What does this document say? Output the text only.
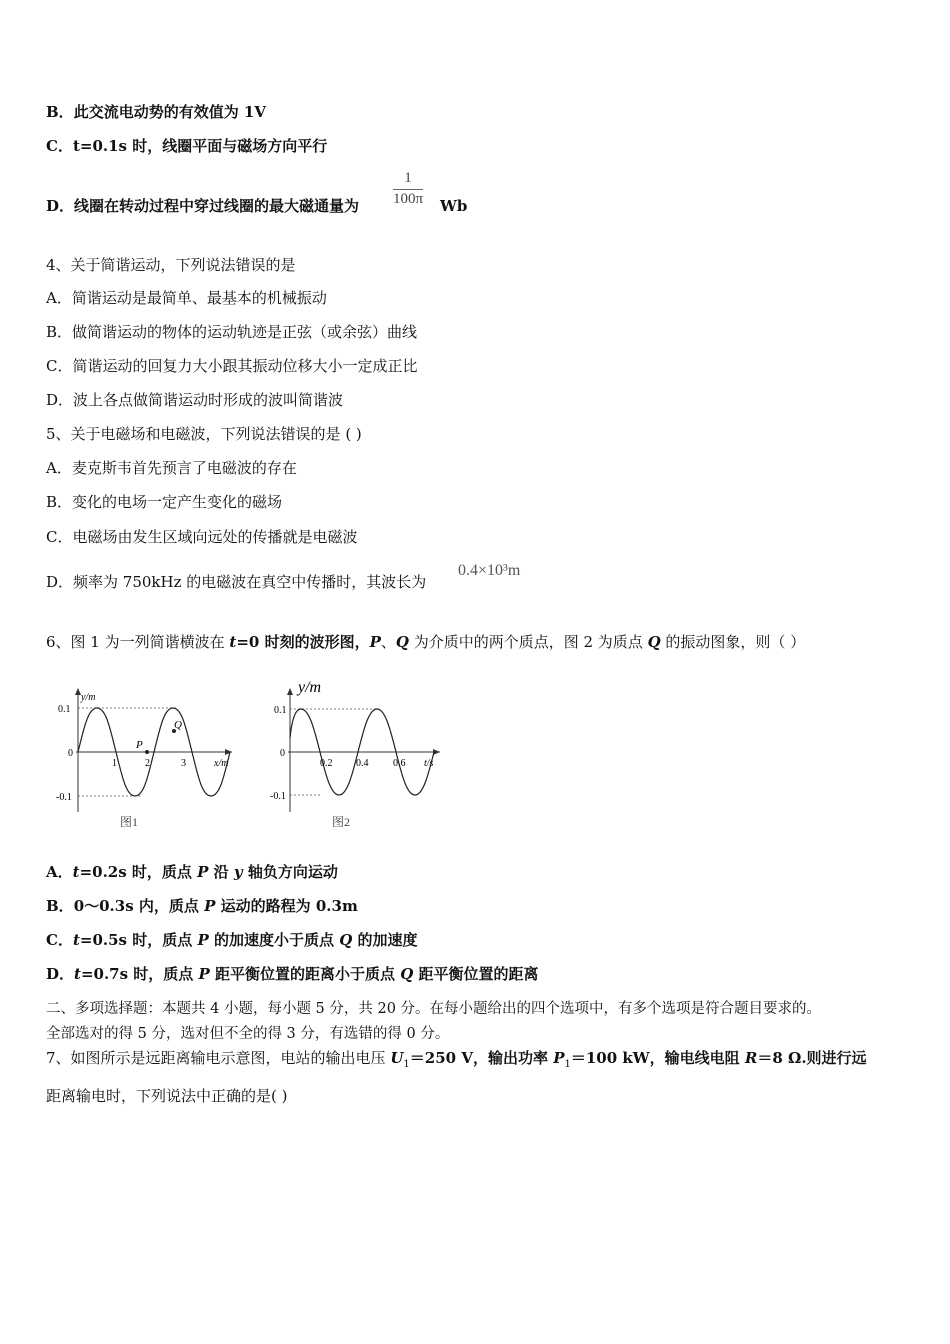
B．此交流电动势的有效值为 1V
C．t=0.1s 时，线圈平面与磁场方向平行
D．线圈在转动过程中穿过线圈的最大磁通量为 $\frac{1}{100\pi}$ Wb
4、关于简谐运动，下列说法错误的是
A．简谐运动是最简单、最基本的机械振动
B．做简谐运动的物体的运动轨迹是正弦（或余弦）曲线
C．简谐运动的回复力大小跟其振动位移大小一定成正比
D．波上各点做简谐运动时形成的波叫简谐波
5、关于电磁场和电磁波，下列说法错误的是 ( )
A．麦克斯韦首先预言了电磁波的存在
B．变化的电场一定产生变化的磁场
C．电磁场由发生区域向远处的传播就是电磁波
D．频率为 750kHz 的电磁波在真空中传播时，其波长为
0.4×10³m
6、图 1 为一列简谐横波在 t=0 时刻的波形图，P、Q 为介质中的两个质点，图 2 为质点 Q 的振动图象，则（ ）
y/m
0.1
0
-0.1
1	2	3	x/m
P
Q
图1
y/m
0.1
0
-0.1
0.2 0.4 0.6 t/s
图2
A．t=0.2s 时，质点 P 沿 y 轴负方向运动
B．0～0.3s 内，质点 P 运动的路程为 0.3m
C．t=0.5s 时，质点 P 的加速度小于质点 Q 的加速度
D．t=0.7s 时，质点 P 距平衡位置的距离小于质点 Q 距平衡位置的距离
二、多项选择题：本题共 4 小题，每小题 5 分，共 20 分。在每小题给出的四个选项中，有多个选项是符合题目要求的。
全部选对的得 5 分，选对但不全的得 3 分，有选错的得 0 分。
7、如图所示是远距离输电示意图，电站的输出电压 $U_1=250$ V，输出功率 $P_1=100$ kW，输电线电阻 R＝8 Ω.则进行远
距离输电时，下列说法中正确的是( )
